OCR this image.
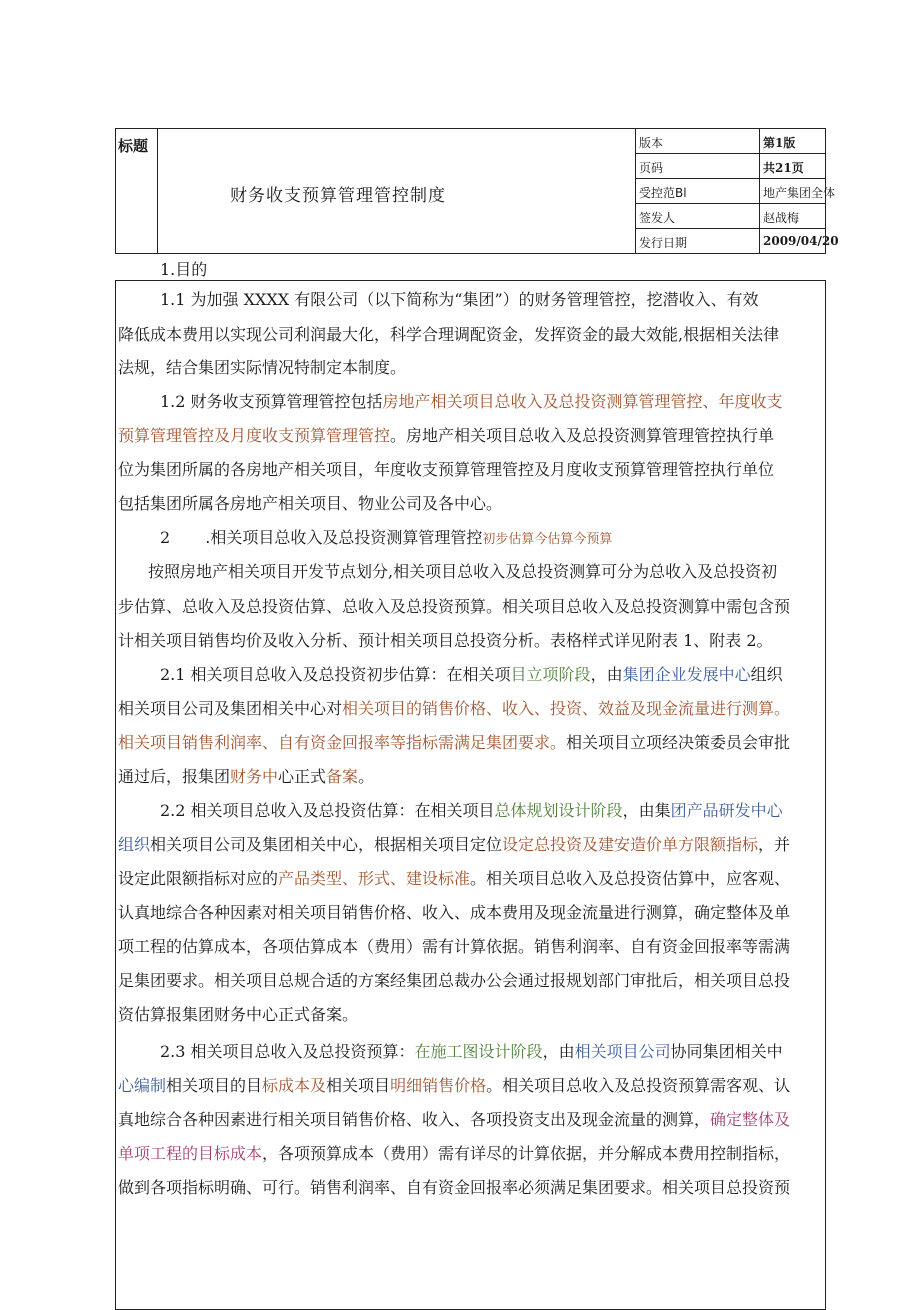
标题
财务收支预算管理管控制度
版本	第1版
页码	共21页
受控范Bl	地产集团全体
签发人	赵战梅
发行日期	2009/04/20
1.目的
1.1 为加强 XXXX 有限公司（以下简称为“集团”）的财务管理管控，挖潜收入、有效
降低成本费用以实现公司利润最大化，科学合理调配资金，发挥资金的最大效能,根据相关法律
法规，结合集团实际情况特制定本制度。
1.2 财务收支预算管理管控包括房地产相关项目总收入及总投资测算管理管控、年度收支
预算管理管控及月度收支预算管理管控。房地产相关项目总收入及总投资测算管理管控执行单
位为集团所属的各房地产相关项目，年度收支预算管理管控及月度收支预算管理管控执行单位
包括集团所属各房地产相关项目、物业公司及各中心。
2 .相关项目总收入及总投资测算管理管控初步估算今估算今预算
按照房地产相关项目开发节点划分,相关项目总收入及总投资测算可分为总收入及总投资初
步估算、总收入及总投资估算、总收入及总投资预算。相关项目总收入及总投资测算中需包含预
计相关项目销售均价及收入分析、预计相关项目总投资分析。表格样式详见附表 1、附表 2。
2.1 相关项目总收入及总投资初步估算：在相关项目立项阶段，由集团企业发展中心组织
相关项目公司及集团相关中心对相关项目的销售价格、收入、投资、效益及现金流量进行测算。
相关项目销售利润率、自有资金回报率等指标需满足集团要求。相关项目立项经决策委员会审批
通过后，报集团财务中心正式备案。
2.2 相关项目总收入及总投资估算：在相关项目总体规划设计阶段，由集团产品研发中心
组织相关项目公司及集团相关中心，根据相关项目定位设定总投资及建安造价单方限额指标，并
设定此限额指标对应的产品类型、形式、建设标准。相关项目总收入及总投资估算中，应客观、
认真地综合各种因素对相关项目销售价格、收入、成本费用及现金流量进行测算，确定整体及单
项工程的估算成本，各项估算成本（费用）需有计算依据。销售利润率、自有资金回报率等需满
足集团要求。相关项目总规合适的方案经集团总裁办公会通过报规划部门审批后，相关项目总投
资估算报集团财务中心正式备案。
2.3 相关项目总收入及总投资预算：在施工图设计阶段，由相关项目公司协同集团相关中
心编制相关项目的目标成本及相关项目明细销售价格。相关项目总收入及总投资预算需客观、认
真地综合各种因素进行相关项目销售价格、收入、各项投资支出及现金流量的测算，确定整体及
单项工程的目标成本，各项预算成本（费用）需有详尽的计算依据，并分解成本费用控制指标，
做到各项指标明确、可行。销售利润率、自有资金回报率必须满足集团要求。相关项目总投资预
